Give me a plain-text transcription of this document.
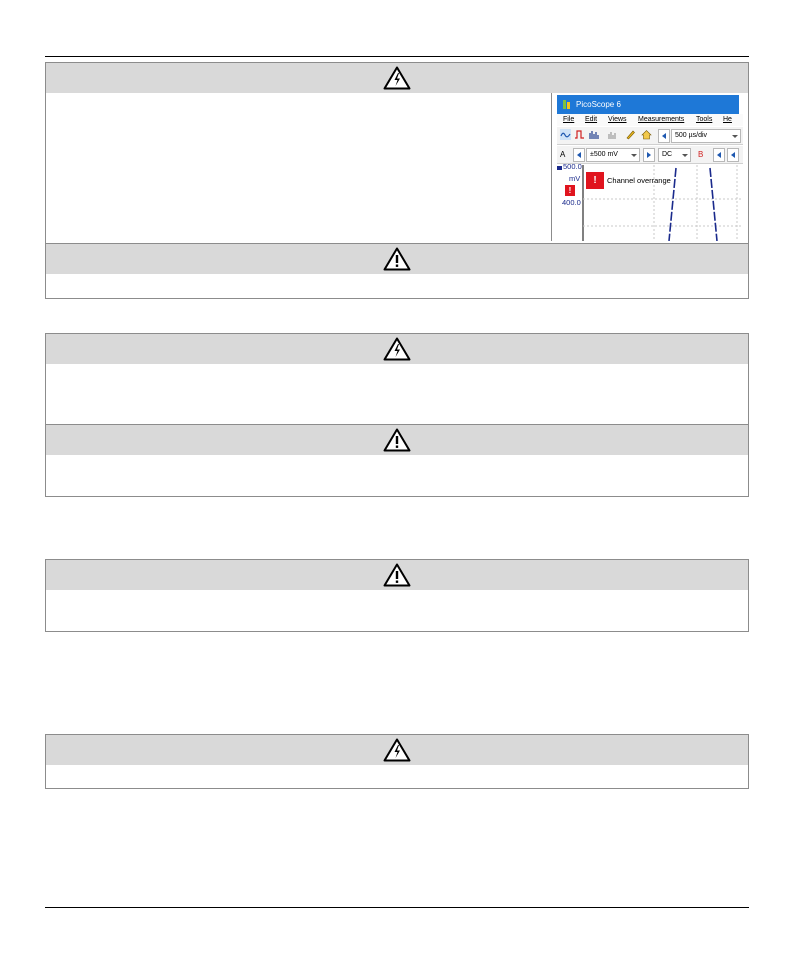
PicoScope 6
File Edit Views Measurements Tools He
500 µs/div
A	±500 mV	DC	B
500.0
mV
!
400.0
!	Channel overrange
